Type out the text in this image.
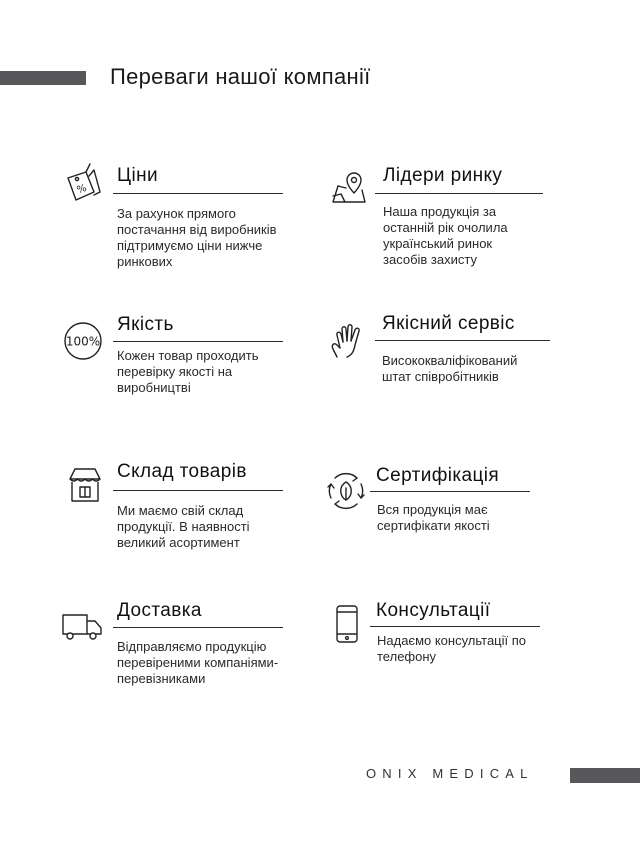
Переваги нашої компанії
%
Ціни

За рахунок прямого постачання від виробників підтримуємо ціни нижче ринкових

Лідери ринку

Наша продукція за останній рік очолила український ринок засобів захисту

100%
Якість

Кожен товар проходить перевірку якості на виробництві

Якісний сервіс

Висококваліфікований штат співробітників

Склад товарів

Ми маємо свій склад продукції. В наявності великий асортимент

Сертифікація

Вся продукція має сертифікати якості

Доставка

Відправляємо продукцію перевіреними компаніями-перевізниками

Консультації

Надаємо консультації по телефону

ONIX MEDICAL
